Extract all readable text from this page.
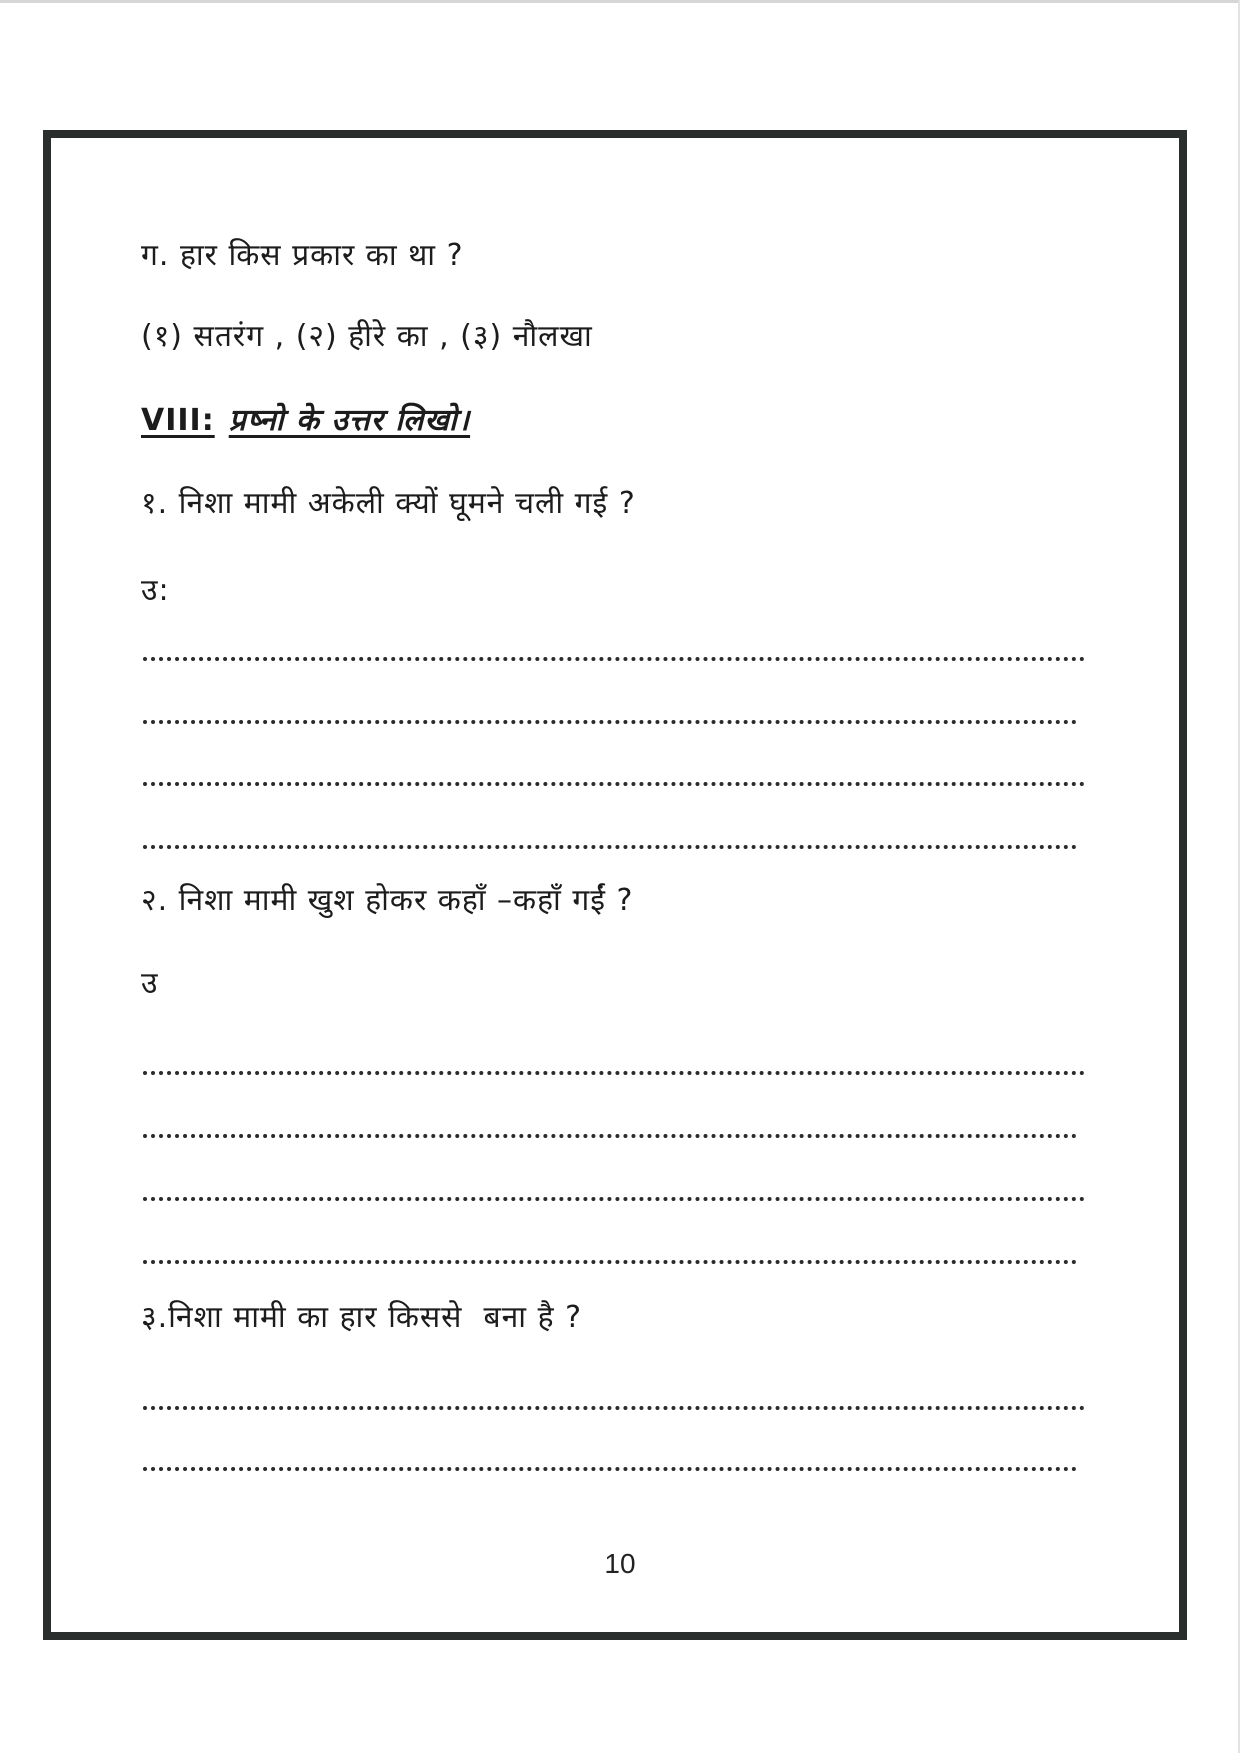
ग. हार किस प्रकार का था ?
(१) सतरंग , (२) हीरे का , (३) नौलखा
VIII: प्रष्नो के उत्तर लिखो।
१. निशा मामी अकेली क्यों घूमने चली गई ?
उ:
२. निशा मामी खुश होकर कहाँ –कहाँ गईं ?
उ
३.निशा मामी का हार किससे  बना है ?
10
